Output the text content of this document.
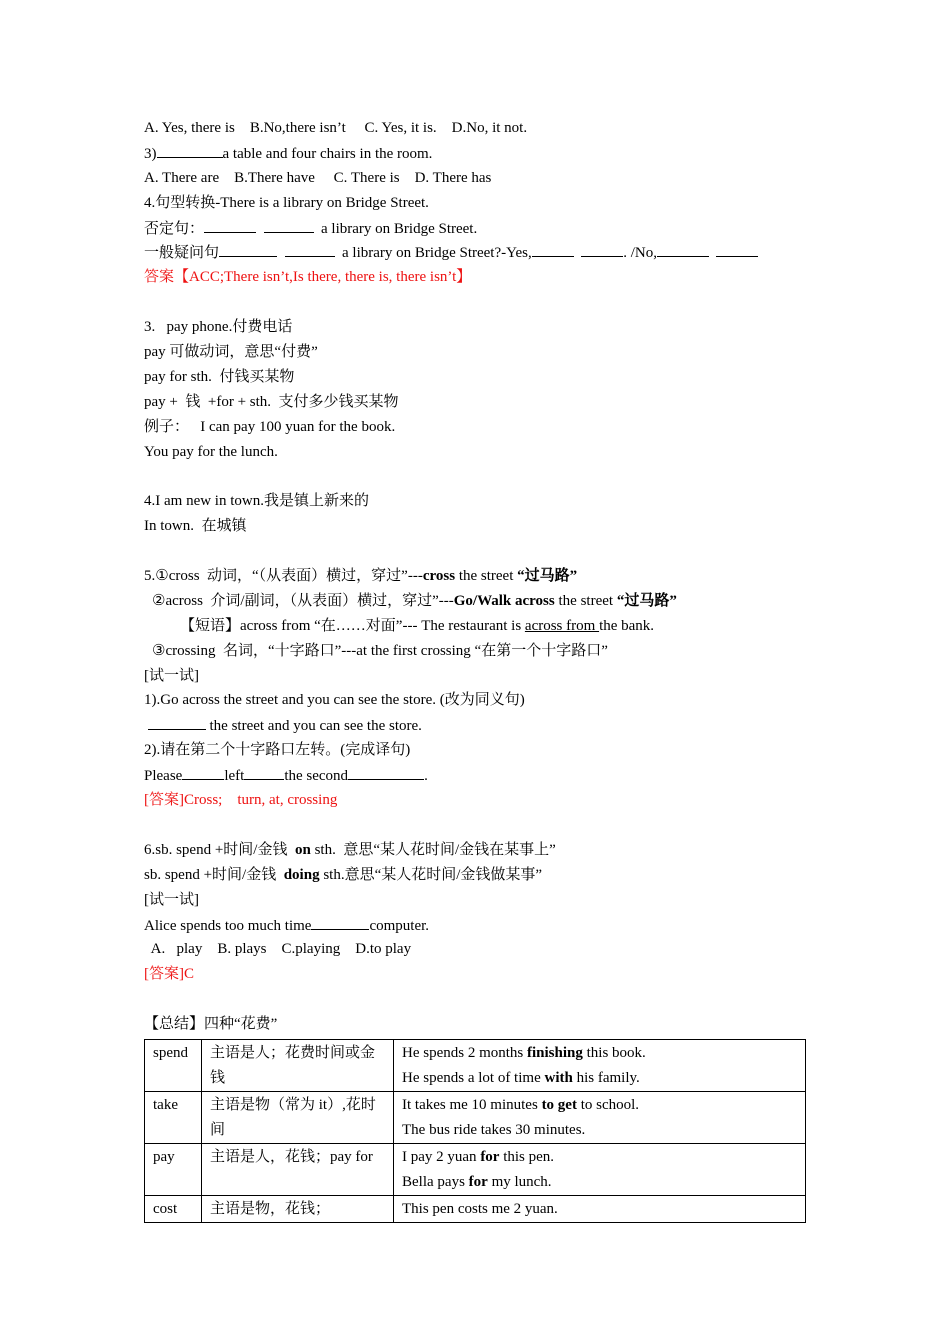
A. Yes, there is    B.No,there isn’t     C. Yes, it is.    D.No, it not.
3)	a table and four chairs in the room.
A. There are    B.There have     C. There is    D. There has
4.句型转换-There is a library on Bridge Street.
否定句：	a library on Bridge Street.
一般疑问句	a library on Bridge Street?-Yes,	. /No,
答案【ACC;There isn’t,Is there, there is, there isn’t】
3.   pay phone.付费电话
pay 可做动词，意思“付费”
pay for sth.  付钱买某物
pay +  钱  +for + sth.  支付多少钱买某物
例子：   I can pay 100 yuan for the book.
You pay for the lunch.
4.I am new in town.我是镇上新来的
In town.  在城镇
5.①cross  动词，“（从表面）横过，穿过”---cross the street “过马路”
②across  介词/副词，（从表面）横过，穿过”---Go/Walk across the street “过马路”
【短语】across from “在……对面”--- The restaurant is across from the bank.
③crossing  名词，“十字路口”---at the first crossing “在第一个十字路口”
[试一试]
1).Go across the street and you can see the store. (改为同义句)
the street and you can see the store.
2).请在第二个十字路口左转。(完成译句)
Please	left	the second	.
[答案]Cross;    turn, at, crossing
6.sb. spend +时间/金钱  on sth.  意思“某人花时间/金钱在某事上”
sb. spend +时间/金钱  doing sth.意思“某人花时间/金钱做某事”
[试一试]
Alice spends too much time	computer.
A.   play    B. plays    C.playing    D.to play
[答案]C
【总结】四种“花费”
spend	主语是人；花费时间或金钱	He spends 2 months finishing this book.
He spends a lot of time with his family.

take	主语是物（常为 it）,花时间	It takes me 10 minutes to get to school.
The bus ride takes 30 minutes.

pay	主语是人，花钱；pay for	I pay 2 yuan for this pen.
Bella pays for my lunch.

cost	主语是物，花钱；	This pen costs me 2 yuan.
